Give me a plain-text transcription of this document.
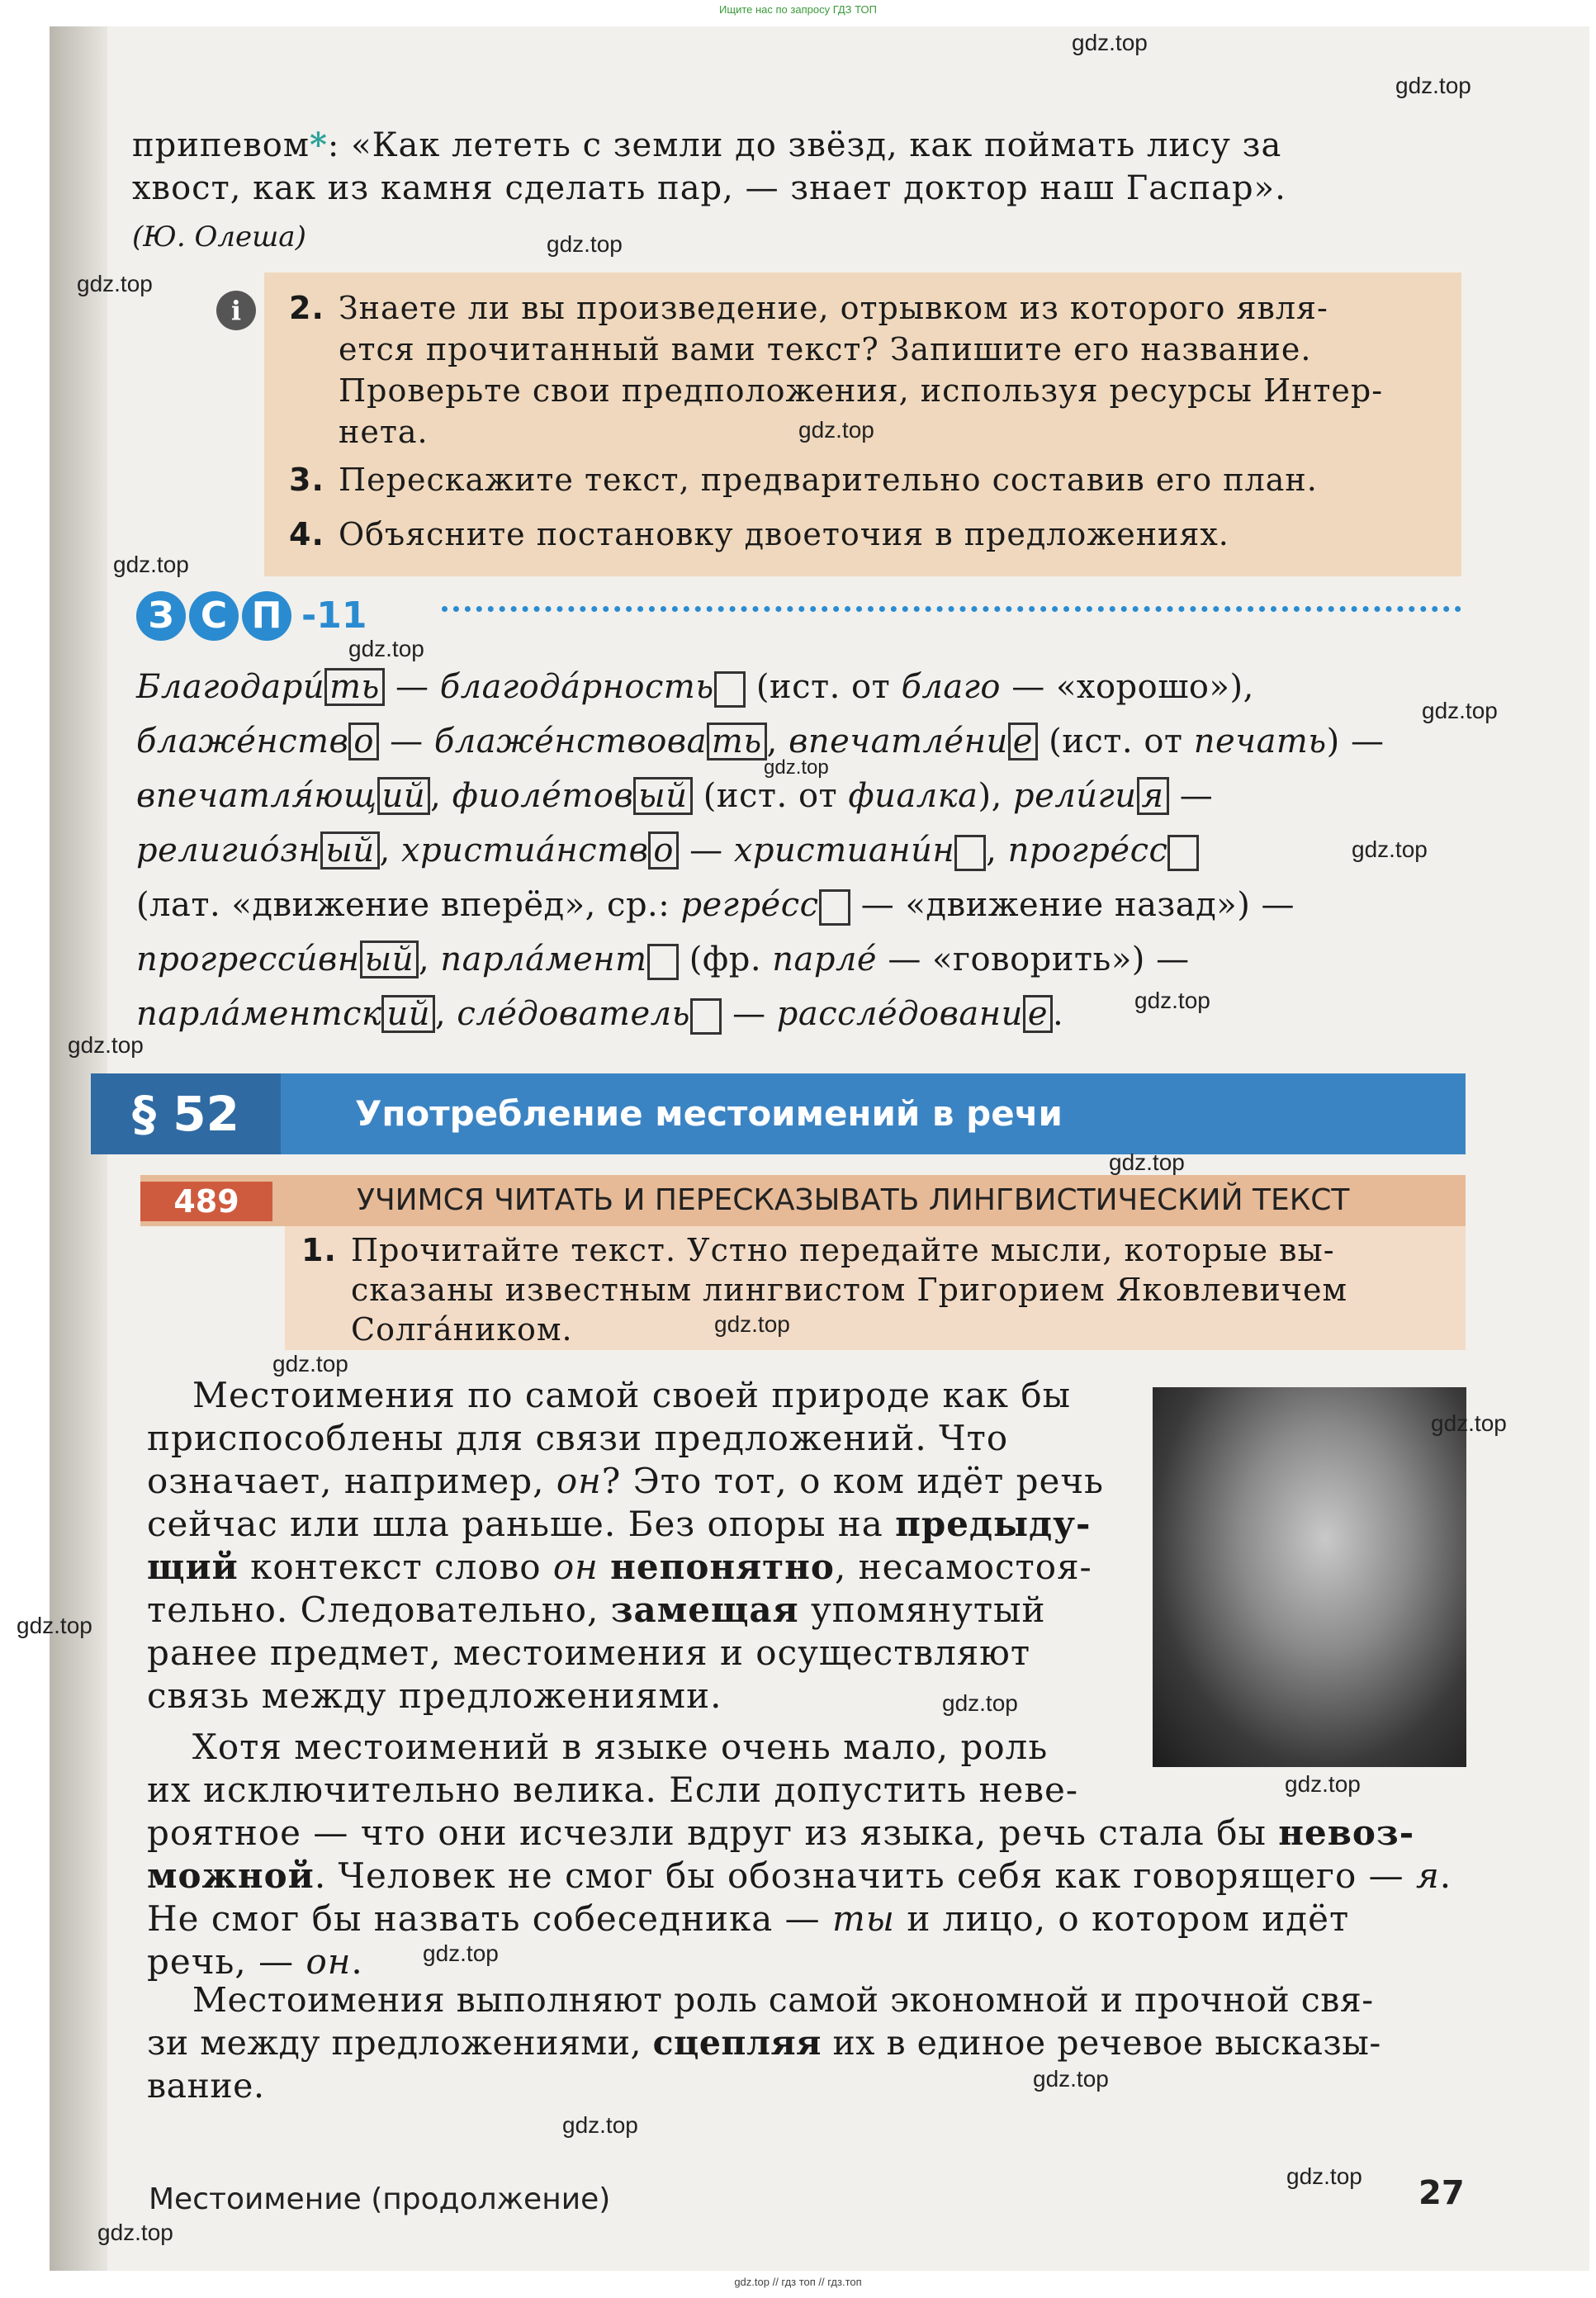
Ищите нас по запросу ГДЗ ТОП
припевом*: «Как лететь с земли до звёзд, как поймать лису за
хвост, как из камня сделать пар, — знает доктор наш Гаспар».
(Ю. Олеша)
i	2. Знаете ли вы произведение, отрывком из которого явля-
ется прочитанный вами текст? Запишите его название.
Проверьте свои предположения, используя ресурсы Интер-
нета.
3. Перескажите текст, предварительно составив его план.
4. Объясните постановку двоеточия в предложениях.
З С П -11
Благодари́ ть — благода́рность (ист. от благо — «хорошо»),
блаже́нств о — блаже́нствова ть , впечатле́ни е (ист. от печать) —
впечатля́ющ ий , фиоле́тов ый (ист. от фиалка), рели́ги я —
религио́зн ый , христиа́нств о — христиани́н , прогре́сс
(лат. «движение вперёд», ср.: регре́сс — «движение назад») —
прогресси́вн ый , парла́мент (фр. парле́ — «говорить») —
парла́ментск ий , сле́дователь — рассле́довани е .
§ 52	Употребление местоимений в речи
489	УЧИМСЯ ЧИТАТЬ И ПЕРЕСКАЗЫВАТЬ ЛИНГВИСТИЧЕСКИЙ ТЕКСТ
1. Прочитайте текст. Устно передайте мысли, которые вы-
сказаны известным лингвистом Григорием Яковлевичем
Солга́ником.
Местоимения по самой своей природе как бы
приспособлены для связи предложений. Что
означает, например, он? Это тот, о ком идёт речь
сейчас или шла раньше. Без опоры на предыду-
щий контекст слово он непонятно, несамостоя-
тельно. Следовательно, замещая упомянутый
ранее предмет, местоимения и осуществляют
связь между предложениями.
Хотя местоимений в языке очень мало, роль
их исключительно велика. Если допустить неве-
роятное — что они исчезли вдруг из языка, речь стала бы невоз-
можной. Человек не смог бы обозначить себя как говорящего — я.
Не смог бы назвать собеседника — ты и лицо, о котором идёт
речь, — он.
Местоимения выполняют роль самой экономной и прочной свя-
зи между предложениями, сцепляя их в единое речевое высказы-
вание.
Местоимение (продолжение)	27
gdz.top
gdz.top
gdz.top
gdz.top
gdz.top
gdz.top
gdz.top
gdz.top
gdz.top
gdz.top
gdz.top
gdz.top
gdz.top
gdz.top
gdz.top
gdz.top
gdz.top
gdz.top
gdz.top
gdz.top
gdz.top
gdz.top
gdz.top
gdz.top
gdz.top // гдз топ // гдз.топ
